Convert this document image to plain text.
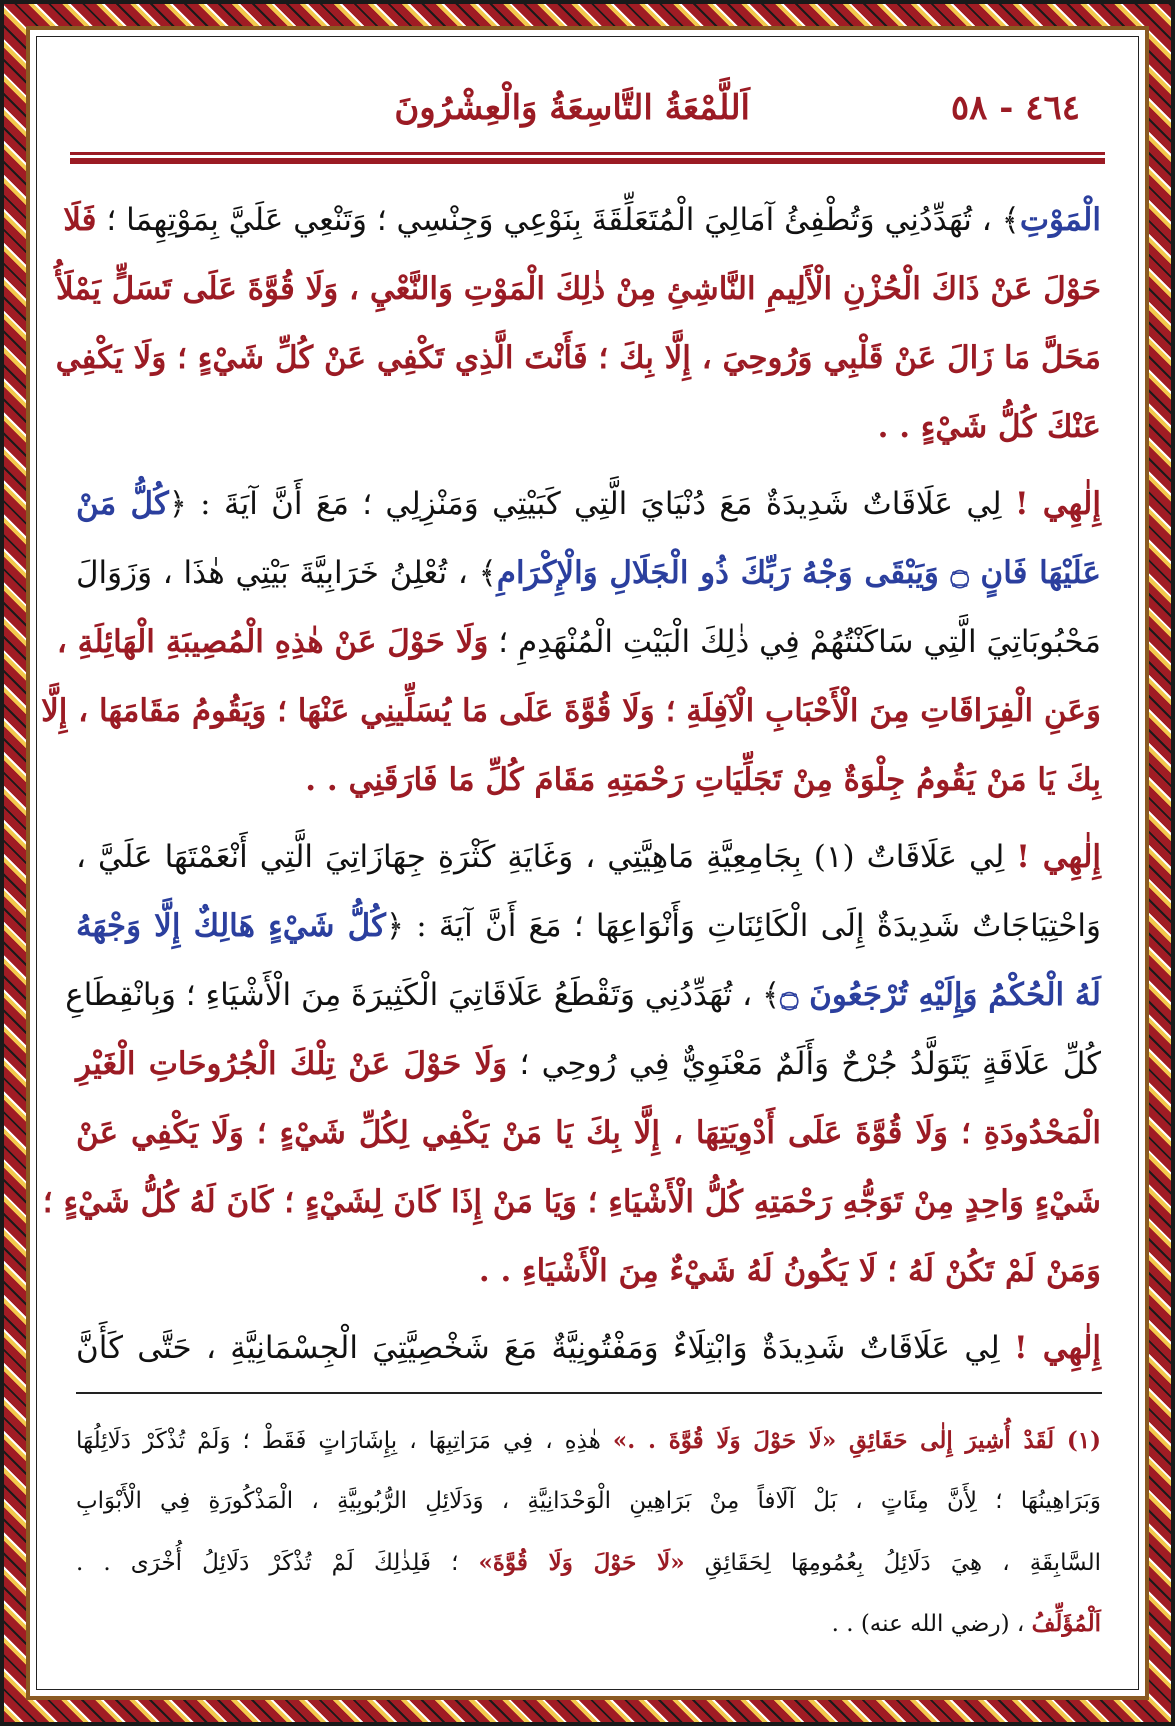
٤٦٤ - ٥٨
اَللَّمْعَةُ التَّاسِعَةُ وَالْعِشْرُونَ
الْمَوْتِ﴾ ، تُهَدِّدُنِي وَتُطْفِئُ آمَالِيَ الْمُتَعَلِّقَةَ بِنَوْعِي وَجِنْسِي ؛ وَتَنْعِي عَلَيَّ بِمَوْتِهِمَا ؛ فَلَا
حَوْلَ عَنْ ذَاكَ الْحُزْنِ الْأَلِيمِ النَّاشِئِ مِنْ ذٰلِكَ الْمَوْتِ وَالنَّعْيِ ، وَلَا قُوَّةَ عَلَى تَسَلٍّ يَمْلَأُ
مَحَلَّ مَا زَالَ عَنْ قَلْبِي وَرُوحِيَ ، إِلَّا بِكَ ؛ فَأَنْتَ الَّذِي تَكْفِي عَنْ كُلِّ شَيْءٍ ؛ وَلَا يَكْفِي
عَنْكَ كُلُّ شَيْءٍ . .
إِلٰهِي ! لِي عَلَاقَاتٌ شَدِيدَةٌ مَعَ دُنْيَايَ الَّتِي كَبَيْتِي وَمَنْزِلِي ؛ مَعَ أَنَّ آيَةَ : ﴿كُلُّ مَنْ
عَلَيْهَا فَانٍ ۝ وَيَبْقَى وَجْهُ رَبِّكَ ذُو الْجَلَالِ وَالْإِكْرَامِ﴾ ، تُعْلِنُ خَرَابِيَّةَ بَيْتِي هٰذَا ، وَزَوَالَ
مَحْبُوبَاتِيَ الَّتِي سَاكَنْتُهُمْ فِي ذٰلِكَ الْبَيْتِ الْمُنْهَدِمِ ؛ وَلَا حَوْلَ عَنْ هٰذِهِ الْمُصِيبَةِ الْهَائِلَةِ ،
وَعَنِ الْفِرَاقَاتِ مِنَ الْأَحْبَابِ الْآفِلَةِ ؛ وَلَا قُوَّةَ عَلَى مَا يُسَلِّينِي عَنْهَا ؛ وَيَقُومُ مَقَامَهَا ، إِلَّا
بِكَ يَا مَنْ يَقُومُ جِلْوَةٌ مِنْ تَجَلِّيَاتِ رَحْمَتِهِ مَقَامَ كُلِّ مَا فَارَقَنِي . .
إِلٰهِي ! لِي عَلَاقَاتٌ (١) بِجَامِعِيَّةِ مَاهِيَّتِي ، وَغَايَةِ كَثْرَةِ جِهَازَاتِيَ الَّتِي أَنْعَمْتَهَا عَلَيَّ ،
وَاحْتِيَاجَاتٌ شَدِيدَةٌ إِلَى الْكَائِنَاتِ وَأَنْوَاعِهَا ؛ مَعَ أَنَّ آيَةَ : ﴿كُلُّ شَيْءٍ هَالِكٌ إِلَّا وَجْهَهُ
لَهُ الْحُكْمُ وَإِلَيْهِ تُرْجَعُونَ ۝﴾ ، تُهَدِّدُنِي وَتَقْطَعُ عَلَاقَاتِيَ الْكَثِيرَةَ مِنَ الْأَشْيَاءِ ؛ وَبِانْقِطَاعِ
كُلِّ عَلَاقَةٍ يَتَوَلَّدُ جُرْحٌ وَأَلَمٌ مَعْنَوِيٌّ فِي رُوحِي ؛ وَلَا حَوْلَ عَنْ تِلْكَ الْجُرُوحَاتِ الْغَيْرِ
الْمَحْدُودَةِ ؛ وَلَا قُوَّةَ عَلَى أَدْوِيَتِهَا ، إِلَّا بِكَ يَا مَنْ يَكْفِي لِكُلِّ شَيْءٍ ؛ وَلَا يَكْفِي عَنْ
شَيْءٍ وَاحِدٍ مِنْ تَوَجُّهِ رَحْمَتِهِ كُلُّ الْأَشْيَاءِ ؛ وَيَا مَنْ إِذَا كَانَ لِشَيْءٍ ؛ كَانَ لَهُ كُلُّ شَيْءٍ ؛
وَمَنْ لَمْ تَكُنْ لَهُ ؛ لَا يَكُونُ لَهُ شَيْءٌ مِنَ الْأَشْيَاءِ . .
إِلٰهِي ! لِي عَلَاقَاتٌ شَدِيدَةٌ وَابْتِلَاءٌ وَمَفْتُونِيَّةٌ مَعَ شَخْصِيَّتِيَ الْجِسْمَانِيَّةِ ، حَتَّى كَأَنَّ
(١) لَقَدْ أُشِيرَ إِلٰى حَقَائِقِ «لَا حَوْلَ وَلَا قُوَّةَ . .» هٰذِهِ ، فِي مَرَاتِبِهَا ، بِإِشَارَاتٍ فَقَطْ ؛ وَلَمْ تُذْكَرْ دَلَائِلُهَا
وَبَرَاهِينُهَا ؛ لِأَنَّ مِئَاتٍ ، بَلْ آلَافاً مِنْ بَرَاهِينِ الْوَحْدَانِيَّةِ ، وَدَلَائِلِ الرُّبُوبِيَّةِ ، الْمَذْكُورَةِ فِي الْأَبْوَابِ
السَّابِقَةِ ، هِيَ دَلَائِلُ بِعُمُومِهَا لِحَقَائِقِ «لَا حَوْلَ وَلَا قُوَّةَ» ؛ فَلِذٰلِكَ لَمْ تُذْكَرْ دَلَائِلُ أُخْرَى . .
اَلْمُؤَلِّفُ ، (رضي الله عنه) . .
